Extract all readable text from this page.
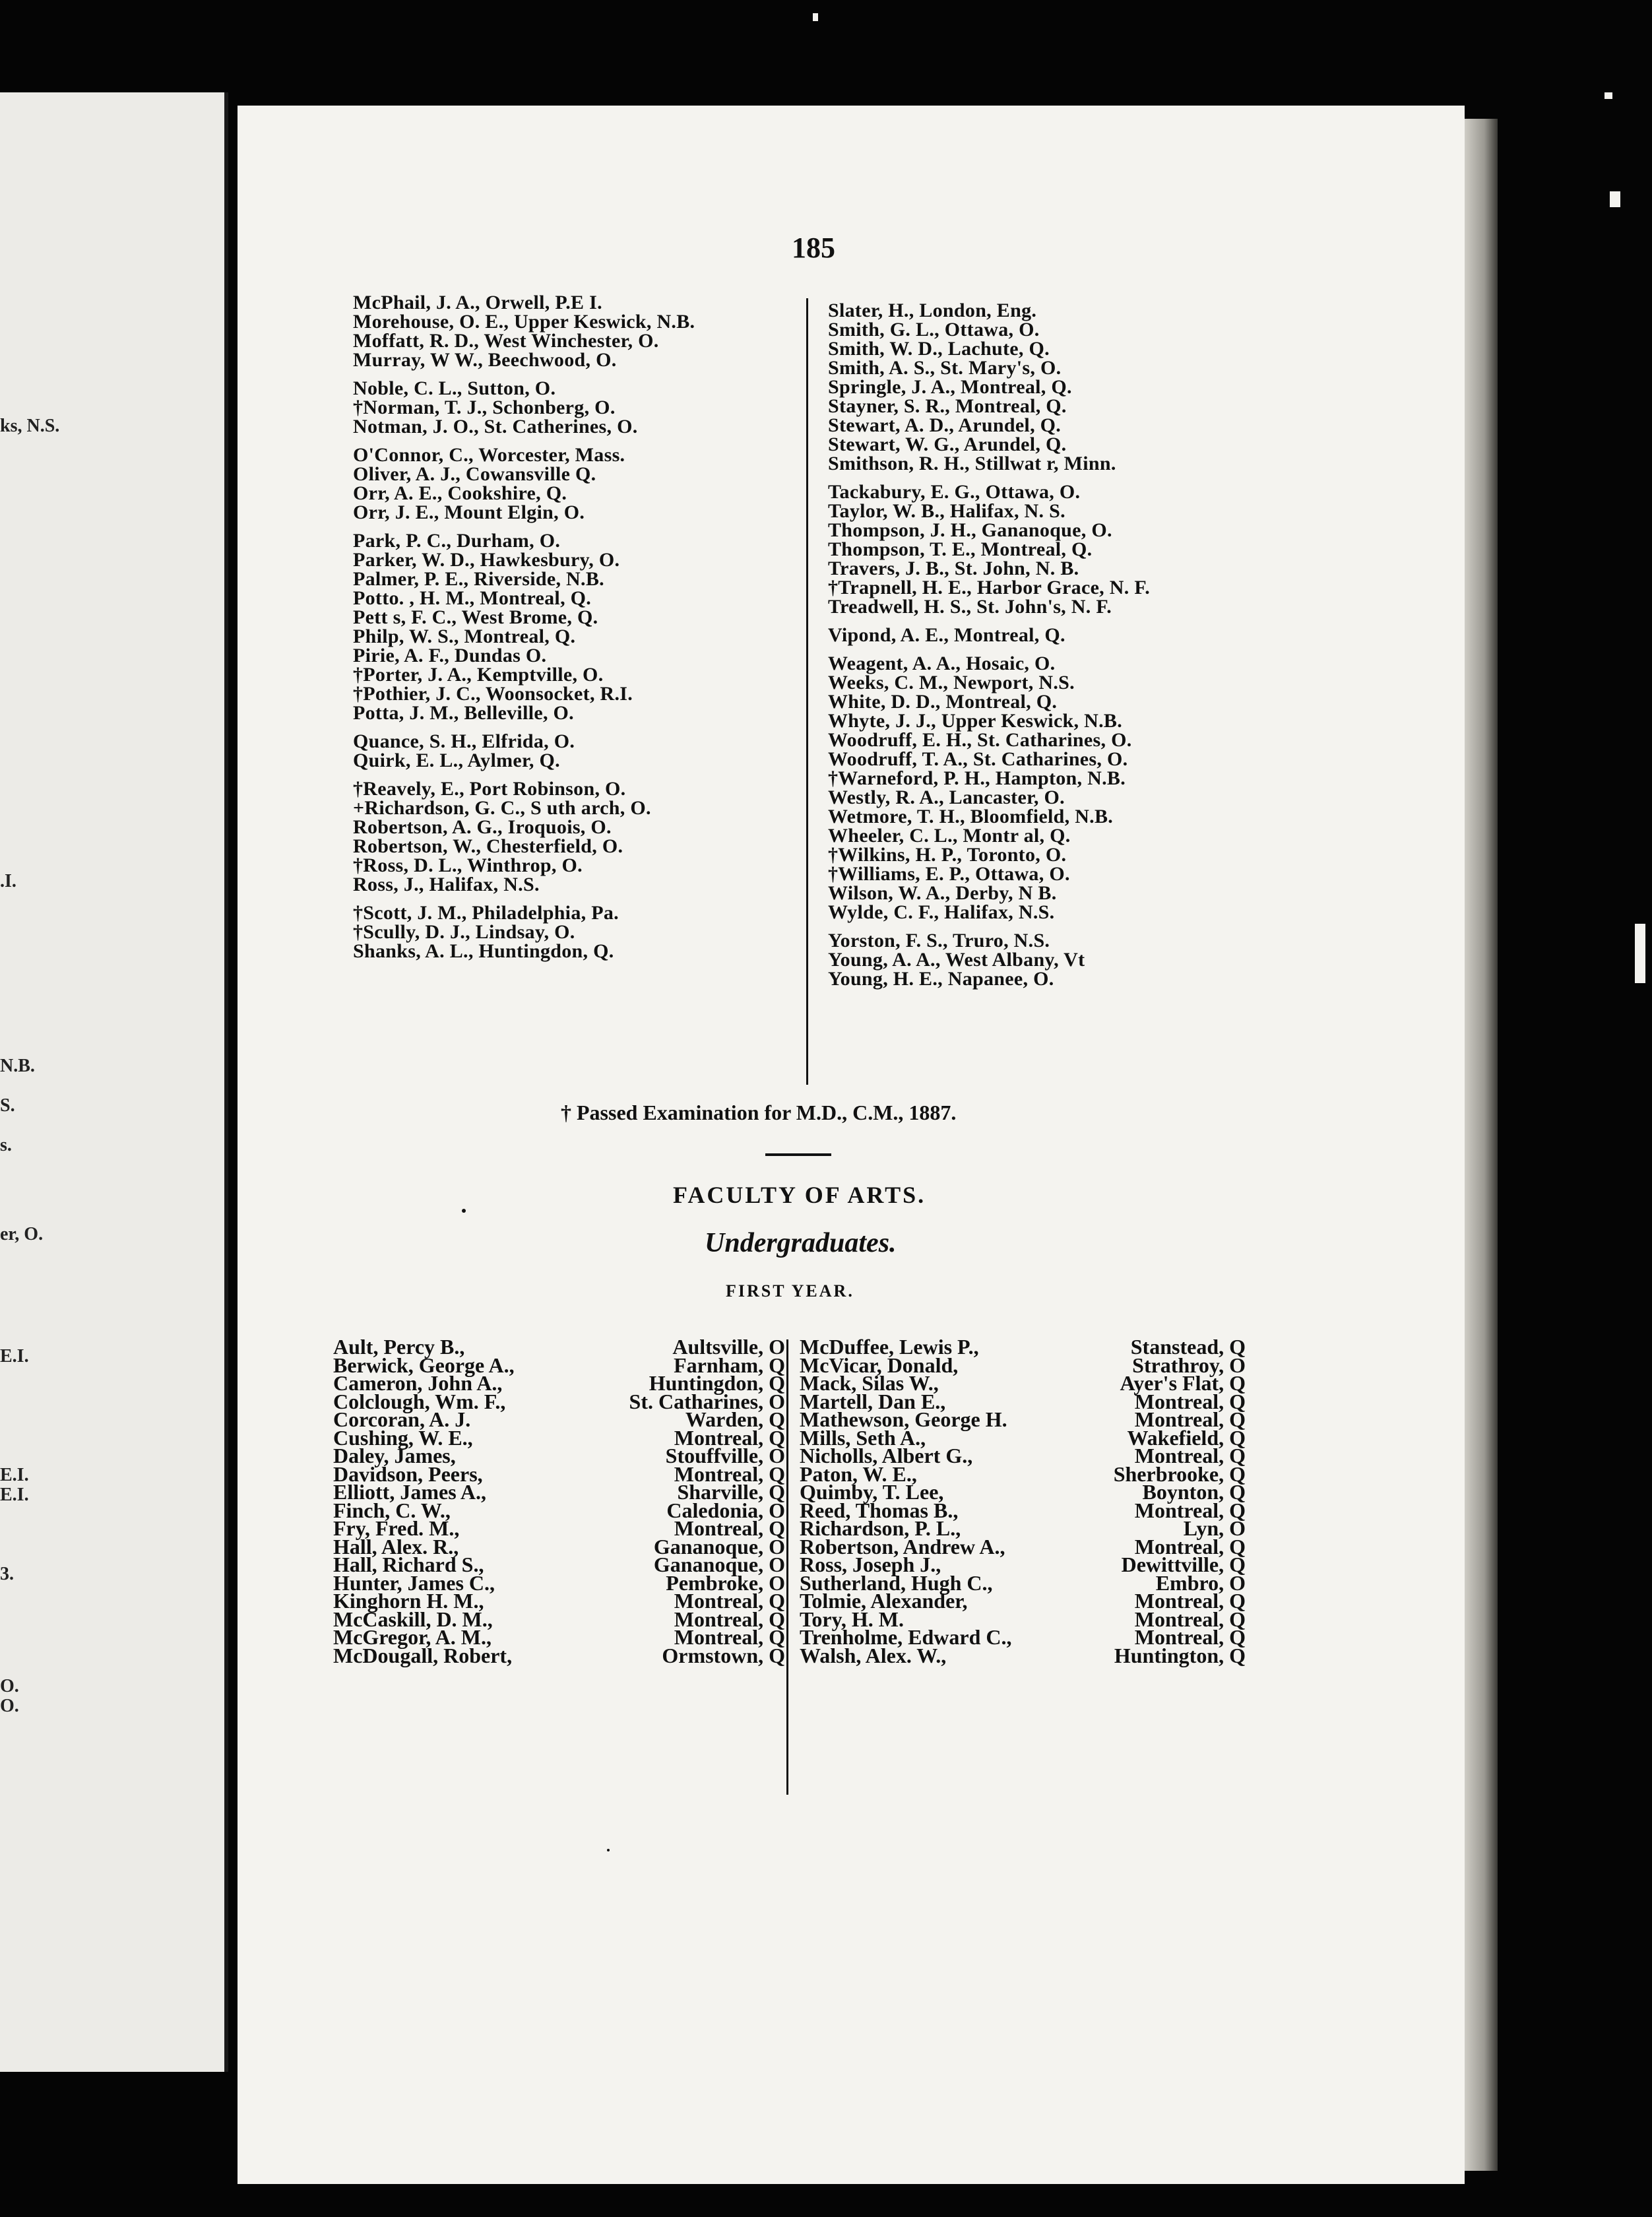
ks, N.S.
.I.
N.B.
S.
s.
er, O.
E.I.
E.I.
E.I.
3.
O.
O.
185
McPhail, J. A., Orwell, P.E I.
Morehouse, O. E., Upper Keswick, N.B.
Moffatt, R. D., West Winchester, O.
Murray, W W., Beechwood, O.
Noble, C. L., Sutton, O.
†Norman, T. J., Schonberg, O.
Notman, J. O., St. Catherines, O.
O'Connor, C., Worcester, Mass.
Oliver, A. J., Cowansville Q.
Orr, A. E., Cookshire, Q.
Orr, J. E., Mount Elgin, O.
Park, P. C., Durham, O.
Parker, W. D., Hawkesbury, O.
Palmer, P. E., Riverside, N.B.
Potto. , H. M., Montreal, Q.
Pett s, F. C., West Brome, Q.
Philp, W. S., Montreal, Q.
Pirie, A. F., Dundas O.
†Porter, J. A., Kemptville, O.
†Pothier, J. C., Woonsocket, R.I.
Potta, J. M., Belleville, O.
Quance, S. H., Elfrida, O.
Quirk, E. L., Aylmer, Q.
†Reavely, E., Port Robinson, O.
+Richardson, G. C., S uth arch, O.
Robertson, A. G., Iroquois, O.
Robertson, W., Chesterfield, O.
†Ross, D. L., Winthrop, O.
Ross, J., Halifax, N.S.
†Scott, J. M., Philadelphia, Pa.
†Scully, D. J., Lindsay, O.
Shanks, A. L., Huntingdon, Q.
Slater, H., London, Eng.
Smith, G. L., Ottawa, O.
Smith, W. D., Lachute, Q.
Smith, A. S., St. Mary's, O.
Springle, J. A., Montreal, Q.
Stayner, S. R., Montreal, Q.
Stewart, A. D., Arundel, Q.
Stewart, W. G., Arundel, Q.
Smithson, R. H., Stillwat r, Minn.
Tackabury, E. G., Ottawa, O.
Taylor, W. B., Halifax, N. S.
Thompson, J. H., Gananoque, O.
Thompson, T. E., Montreal, Q.
Travers, J. B., St. John, N. B.
†Trapnell, H. E., Harbor Grace, N. F.
Treadwell, H. S., St. John's, N. F.
Vipond, A. E., Montreal, Q.
Weagent, A. A., Hosaic, O.
Weeks, C. M., Newport, N.S.
White, D. D., Montreal, Q.
Whyte, J. J., Upper Keswick, N.B.
Woodruff, E. H., St. Catharines, O.
Woodruff, T. A., St. Catharines, O.
†Warneford, P. H., Hampton, N.B.
Westly, R. A., Lancaster, O.
Wetmore, T. H., Bloomfield, N.B.
Wheeler, C. L., Montr al, Q.
†Wilkins, H. P., Toronto, O.
†Williams, E. P., Ottawa, O.
Wilson, W. A., Derby, N B.
Wylde, C. F., Halifax, N.S.
Yorston, F. S., Truro, N.S.
Young, A. A., West Albany, Vt
Young, H. E., Napanee, O.
† Passed Examination for M.D., C.M., 1887.
FACULTY OF ARTS.
Undergraduates.
FIRST YEAR.
Ault, Percy B.,	Aultsville, O
Berwick, George A.,	Farnham, Q
Cameron, John A.,	Huntingdon, Q
Colclough, Wm. F.,	St. Catharines, O
Corcoran, A. J.	Warden, Q
Cushing, W. E.,	Montreal, Q
Daley, James,	Stouffville, O
Davidson, Peers,	Montreal, Q
Elliott, James A.,	Sharville, Q
Finch, C. W.,	Caledonia, O
Fry, Fred. M.,	Montreal, Q
Hall, Alex. R.,	Gananoque, O
Hall, Richard S.,	Gananoque, O
Hunter, James C.,	Pembroke, O
Kinghorn H. M.,	Montreal, Q
McCaskill, D. M.,	Montreal, Q
McGregor, A. M.,	Montreal, Q
McDougall, Robert,	Ormstown, Q
McDuffee, Lewis P.,	Stanstead, Q
McVicar, Donald,	Strathroy, O
Mack, Silas W.,	Ayer's Flat, Q
Martell, Dan E.,	Montreal, Q
Mathewson, George H.	Montreal, Q
Mills, Seth A.,	Wakefield, Q
Nicholls, Albert G.,	Montreal, Q
Paton, W. E.,	Sherbrooke, Q
Quimby, T. Lee,	Boynton, Q
Reed, Thomas B.,	Montreal, Q
Richardson, P. L.,	Lyn, O
Robertson, Andrew A.,	Montreal, Q
Ross, Joseph J.,	Dewittville, Q
Sutherland, Hugh C.,	Embro, O
Tolmie, Alexander,	Montreal, Q
Tory, H. M.	Montreal, Q
Trenholme, Edward C.,	Montreal, Q
Walsh, Alex. W.,	Huntington, Q
